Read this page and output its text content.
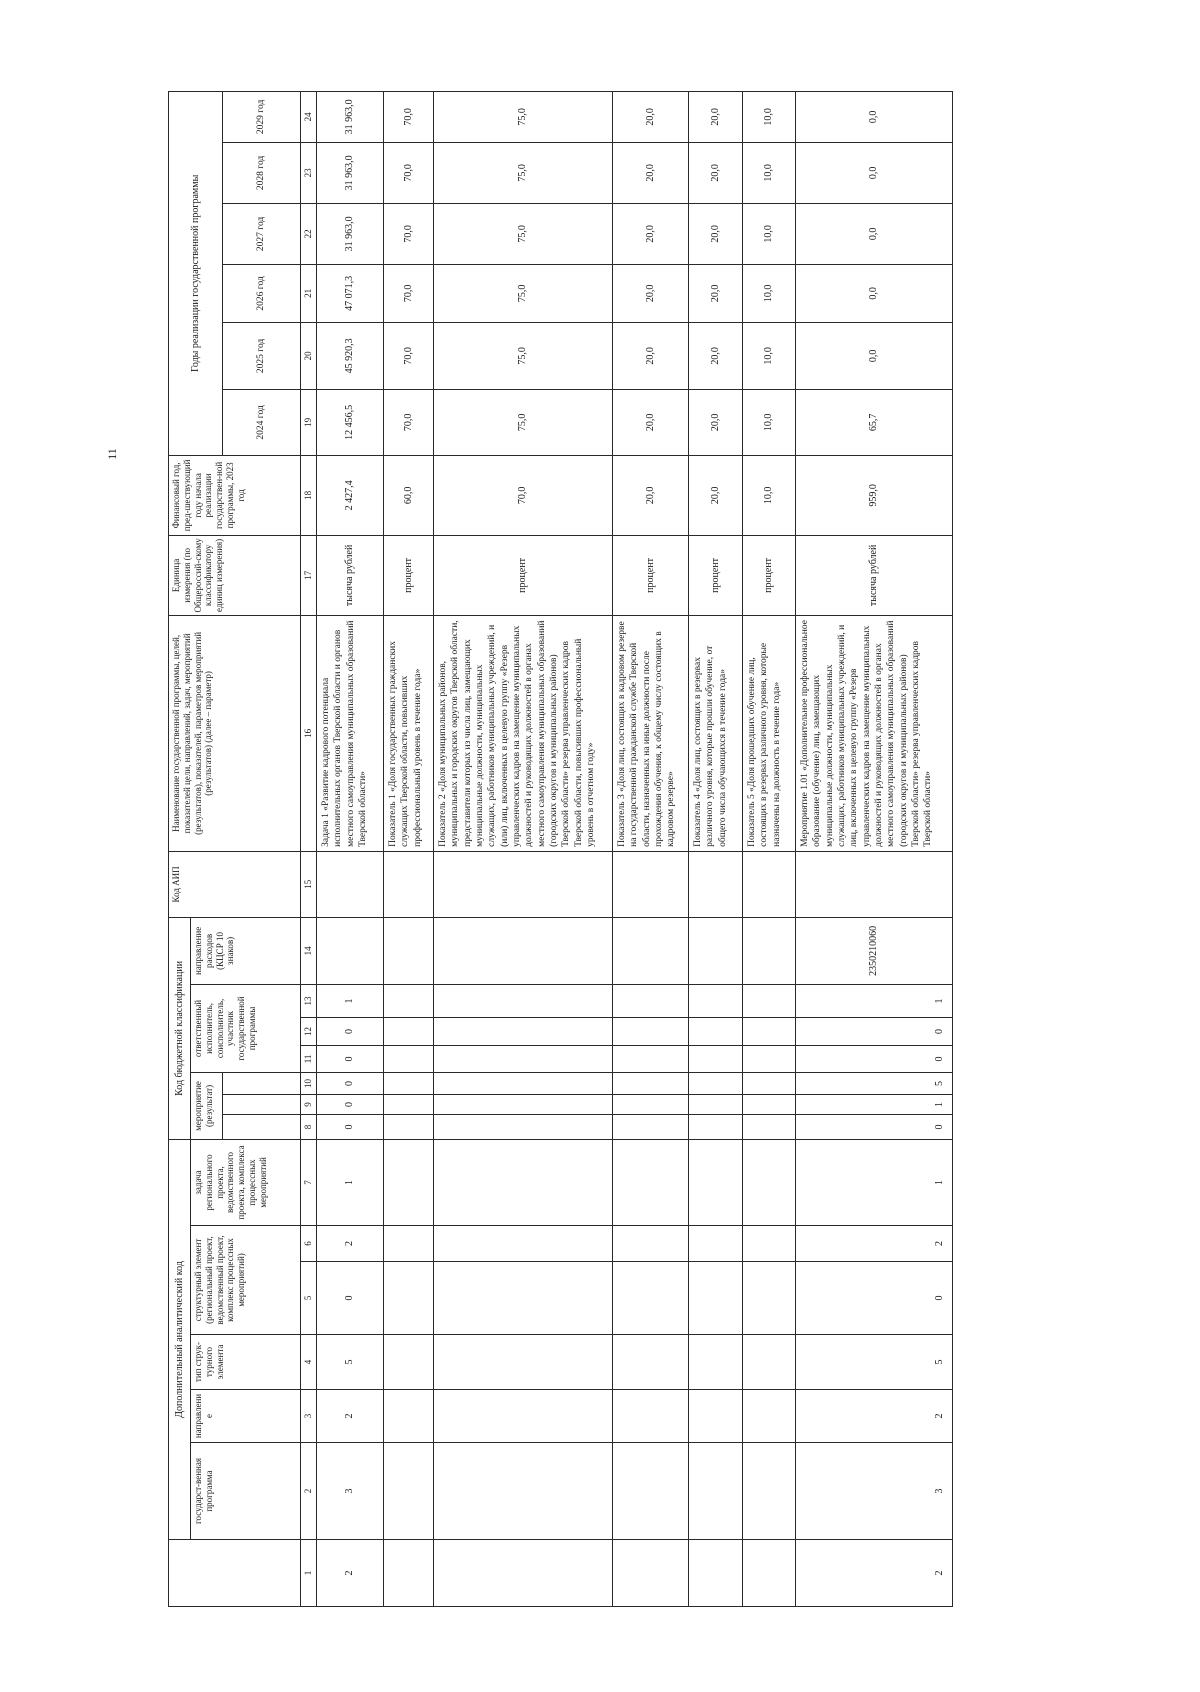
11
	Дополнительный аналитический код						Код бюджетной классификации							Код АИП	Наименование государственной программы, целей, показателей цели, направлений, задач, мероприятий (результатов), показателей, параметров мероприятий (результатов) (далее – параметр)	Единица измерения (по Общероссий-скому классификатору единиц измерения)	Финансовый год, пред-шествующий году начала реализации государствен-ной программы, 2023 год	Годы реализации государственной программы					
	государст-венная программа	направление	тип струк-турного элемента	структурный элемент (региональный проект, ведомственный проект, комплекс процессных мероприятий)		задача регионального проекта, ведомственного проекта, комплекса процессных мероприятий	мероприятие (результат)			ответственный исполнитель, соисполнитель, участник государственной программы			направление расходов (КЦСР 10 знаков)										
																		2024 год	2025 год	2026 год	2027 год	2028 год	2029 год
1	2	3	4	5	6	7	8	9	10	11	12	13	14	15	16	17	18	19	20	21	22	23	24
2	3	2	5	0	2	1	0	0	0	0	0	1			Задача 1 «Развитие кадрового потенциала исполнительных органов Тверской области и органов местного самоуправления муниципальных образований Тверской области»	тысяча рублей	2 427,4	12 456,5	45 920,3	47 071,3	31 963,0	31 963,0	31 963,0
															Показатель 1 «Доля государственных гражданских служащих Тверской области, повысивших профессиональный уровень в течение года»	процент	60,0	70,0	70,0	70,0	70,0	70,0	70,0
															Показатель 2 «Доля муниципальных районов, муниципальных и городских округов Тверской области, представители которых из числа лиц, замещающих муниципальные должности, муниципальных служащих, работников муниципальных учреждений, и (или) лиц, включенных в целевую группу «Резерв управленческих кадров на замещение муниципальных должностей и руководящих должностей в органах местного самоуправления муниципальных образований (городских округов и муниципальных районов) Тверской области» резерва управленческих кадров Тверской области, повысивших профессиональный уровень в отчетном году»	процент	70,0	75,0	75,0	75,0	75,0	75,0	75,0
															Показатель 3 «Доля лиц, состоящих в кадровом резерве на государственной гражданской службе Тверской области, назначенных на иные должности после прохождения обучения, к общему числу состоящих в кадровом резерве»	процент	20,0	20,0	20,0	20,0	20,0	20,0	20,0
															Показатель 4 «Доля лиц, состоящих в резервах различного уровня, которые прошли обучение, от общего числа обучающихся в течение года»	процент	20,0	20,0	20,0	20,0	20,0	20,0	20,0
															Показатель 5 «Доля прошедших обучение лиц, состоящих в резервах различного уровня, которые назначены на должность в течение года»	процент	10,0	10,0	10,0	10,0	10,0	10,0	10,0
2	3	2	5	0	2	1	0	1	5	0	0	1	2350210060		Мероприятие 1.01 «Дополнительное профессиональное образование (обучение) лиц, замещающих муниципальные должности, муниципальных служащих, работников муниципальных учреждений, и лиц, включенных в целевую группу «Резерв управленческих кадров на замещение муниципальных должностей и руководящих должностей в органах местного самоуправления муниципальных образований (городских округов и муниципальных районов) Тверской области» резерва управленческих кадров Тверской области»	тысяча рублей	959,0	65,7	0,0	0,0	0,0	0,0	0,0
